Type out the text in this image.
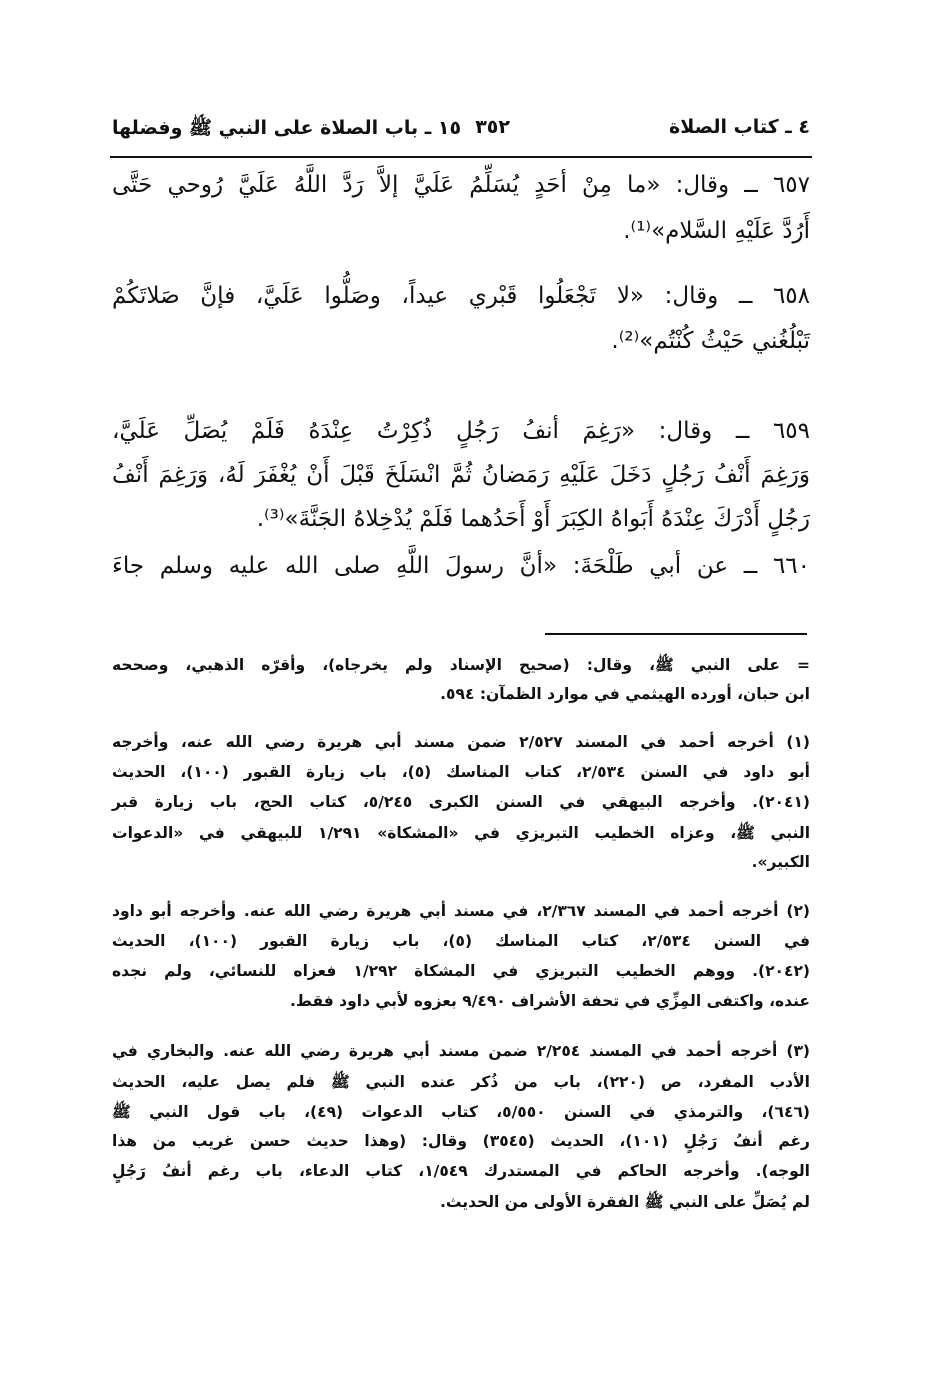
٤ ـ كتاب الصلاة
٣٥٢
١٥ ـ باب الصلاة على النبي ﷺ وفضلها
٦٥٧ ــ وقال: «ما مِنْ أحَدٍ يُسَلِّمُ عَلَيَّ إلاَّ رَدَّ اللَّهُ عَلَيَّ رُوحي حَتَّى
أَرُدَّ عَلَيْهِ السَّلام»⁽¹⁾.
٦٥٨ ــ وقال: «لا تَجْعَلُوا قَبْري عيداً، وصَلُّوا عَلَيَّ، فإنَّ صَلاتَكُمْ
تَبْلُغُني حَيْثُ كُنْتُم»⁽²⁾.
٦٥٩ ــ وقال: «رَغِمَ أنفُ رَجُلٍ ذُكِرْتُ عِنْدَهُ فَلَمْ يُصَلِّ عَلَيَّ،
وَرَغِمَ أَنْفُ رَجُلٍ دَخَلَ عَلَيْهِ رَمَضانُ ثُمَّ انْسَلَخَ قَبْلَ أَنْ يُغْفَرَ لَهُ، وَرَغِمَ أَنْفُ
رَجُلٍ أَدْرَكَ عِنْدَهُ أَبَواهُ الكِبَرَ أَوْ أَحَدُهما فَلَمْ يُدْخِلاهُ الجَنَّةَ»⁽³⁾.
٦٦٠ ــ عن أبي طَلْحَةَ: «أنَّ رسولَ اللَّهِ صلى الله عليه وسلم جاءَ
= على النبي ﷺ، وقال: (صحيح الإسناد ولم يخرجاه)، وأقرّه الذهبي، وصححه
ابن حبان، أورده الهيثمي في موارد الظمآن: ٥٩٤.
(١) أخرجه أحمد في المسند ٢/٥٢٧ ضمن مسند أبي هريرة رضي الله عنه، وأخرجه
أبو داود في السنن ٢/٥٣٤، كتاب المناسك (٥)، باب زيارة القبور (١٠٠)، الحديث
(٢٠٤١). وأخرجه البيهقي في السنن الكبرى ٥/٢٤٥، كتاب الحج، باب زيارة قبر
النبي ﷺ، وعزاه الخطيب التبريزي في «المشكاة» ١/٢٩١ للبيهقي في «الدعوات
الكبير».
(٢) أخرجه أحمد في المسند ٢/٣٦٧، في مسند أبي هريرة رضي الله عنه. وأخرجه أبو داود
في السنن ٢/٥٣٤، كتاب المناسك (٥)، باب زيارة القبور (١٠٠)، الحديث
(٢٠٤٢). ووهم الخطيب التبريزي في المشكاة ١/٢٩٢ فعزاه للنسائي، ولم نجده
عنده، واكتفى المِزِّي في تحفة الأشراف ٩/٤٩٠ بعزوه لأبي داود فقط.
(٣) أخرجه أحمد في المسند ٢/٢٥٤ ضمن مسند أبي هريرة رضي الله عنه. والبخاري في
الأدب المفرد، ص (٢٢٠)، باب من ذُكر عنده النبي ﷺ فلم يصل عليه، الحديث
(٦٤٦)، والترمذي في السنن ٥/٥٥٠، كتاب الدعوات (٤٩)، باب قول النبي ﷺ
رغم أنفُ رَجُلٍ (١٠١)، الحديث (٣٥٤٥) وقال: (وهذا حديث حسن غريب من هذا
الوجه). وأخرجه الحاكم في المستدرك ١/٥٤٩، كتاب الدعاء، باب رغم أنفُ رَجُلٍ
لم يُصَلِّ على النبي ﷺ الفقرة الأولى من الحديث.
